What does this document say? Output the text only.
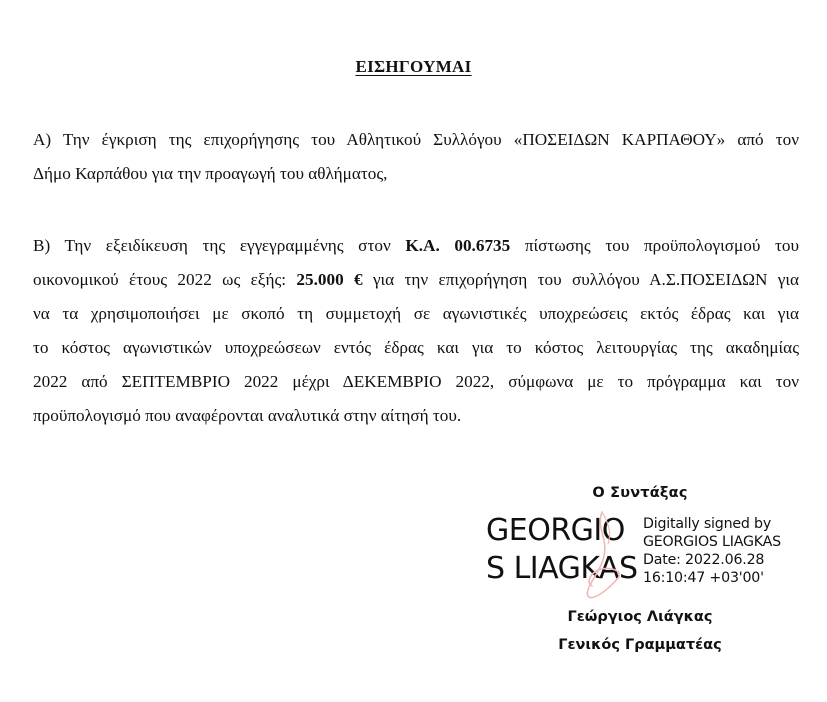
ΕΙΣΗΓΟΥΜΑΙ
Α) Την έγκριση της επιχορήγησης του Αθλητικού Συλλόγου «ΠΟΣΕΙΔΩΝ ΚΑΡΠΑΘΟΥ» από τον
Δήμο Καρπάθου για την προαγωγή του αθλήματος,
Β) Την εξειδίκευση της εγγεγραμμένης στον Κ.Α. 00.6735 πίστωσης του προϋπολογισμού του
οικονομικού έτους 2022 ως εξής: 25.000 € για την επιχορήγηση του συλλόγου Α.Σ.ΠΟΣΕΙΔΩΝ για
να τα χρησιμοποιήσει με σκοπό τη συμμετοχή σε αγωνιστικές υποχρεώσεις εκτός έδρας και για
το κόστος αγωνιστικών υποχρεώσεων εντός έδρας και για το κόστος λειτουργίας της ακαδημίας
2022 από ΣΕΠΤΕΜΒΡΙΟ 2022 μέχρι ΔΕΚΕΜΒΡΙΟ 2022, σύμφωνα με το πρόγραμμα και τον
προϋπολογισμό που αναφέρονται αναλυτικά στην αίτησή του.
Ο Συντάξας
GEORGIO
S LIAGKAS
Digitally signed by
GEORGIOS LIAGKAS
Date: 2022.06.28
16:10:47 +03'00'
Γεώργιος Λιάγκας
Γενικός Γραμματέας
